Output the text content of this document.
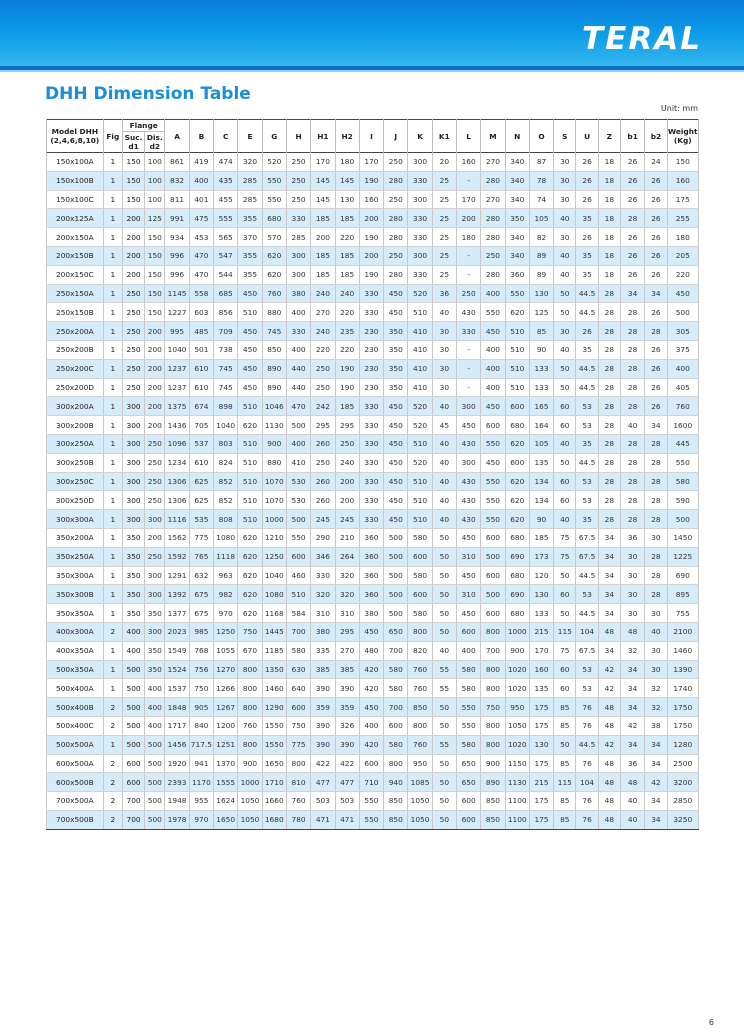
TERAL
DHH Dimension Table
Unit: mm
Model DHH
(2,4,6,8,10)	Fig	Flange		A	B	C	E	G	H	H1	H2	I	J	K	K1	L	M	N	O	S	U	Z	b1	b2	Weight (Kg)
		Suc. d1	Dis. d2																						
150x100A	1	150	100	861	419	474	320	520	250	170	180	170	250	300	20	160	270	340	87	30	26	18	26	24	150
150x100B	1	150	100	832	400	435	285	550	250	145	145	190	280	330	25	-	280	340	78	30	26	18	26	26	160
150x100C	1	150	100	811	401	455	285	550	250	145	130	160	250	300	25	170	270	340	74	30	26	18	26	26	175
200x125A	1	200	125	991	475	555	355	680	330	185	185	200	280	330	25	200	280	350	105	40	35	18	28	26	255
200x150A	1	200	150	934	453	565	370	570	285	200	220	190	280	330	25	180	280	340	82	30	26	18	26	26	180
200x150B	1	200	150	996	470	547	355	620	300	185	185	200	250	300	25	-	250	340	89	40	35	18	26	26	205
200x150C	1	200	150	996	470	544	355	620	300	185	185	190	280	330	25	-	280	360	89	40	35	18	26	26	220
250x150A	1	250	150	1145	558	685	450	760	380	240	240	330	450	520	36	250	400	550	130	50	44.5	28	34	34	450
250x150B	1	250	150	1227	603	856	510	880	400	270	220	330	450	510	40	430	550	620	125	50	44.5	28	28	26	500
250x200A	1	250	200	995	485	709	450	745	330	240	235	230	350	410	30	330	450	510	85	30	26	28	28	28	305
250x200B	1	250	200	1040	501	738	450	850	400	220	220	230	350	410	30	-	400	510	90	40	35	28	28	26	375
250x200C	1	250	200	1237	610	745	450	890	440	250	190	230	350	410	30	-	400	510	133	50	44.5	28	28	26	400
250x200D	1	250	200	1237	610	745	450	890	440	250	190	230	350	410	30	-	400	510	133	50	44.5	28	28	26	405
300x200A	1	300	200	1375	674	898	510	1046	470	242	185	330	450	520	40	300	450	600	165	60	53	28	28	26	760
300x200B	1	300	200	1436	705	1040	620	1130	500	295	295	330	450	520	45	450	600	680	164	60	53	28	40	34	1600
300x250A	1	300	250	1096	537	803	510	900	400	260	250	330	450	510	40	430	550	620	105	40	35	28	28	28	445
300x250B	1	300	250	1234	610	824	510	880	410	250	240	330	450	520	40	300	450	600	135	50	44.5	28	28	28	550
300x250C	1	300	250	1306	625	852	510	1070	530	260	200	330	450	510	40	430	550	620	134	60	53	28	28	28	580
300x250D	1	300	250	1306	625	852	510	1070	530	260	200	330	450	510	40	430	550	620	134	60	53	28	28	28	590
300x300A	1	300	300	1116	535	808	510	1000	500	245	245	330	450	510	40	430	550	620	90	40	35	28	28	28	500
350x200A	1	350	200	1562	775	1080	620	1210	550	290	210	360	500	580	50	450	600	680	185	75	67.5	34	36	30	1450
350x250A	1	350	250	1592	765	1118	620	1250	600	346	264	360	500	600	50	310	500	690	173	75	67.5	34	30	28	1225
350x300A	1	350	300	1291	632	963	620	1040	460	330	320	360	500	580	50	450	600	680	120	50	44.5	34	30	28	690
350x300B	1	350	300	1392	675	982	620	1080	510	320	320	360	500	600	50	310	500	690	130	60	53	34	30	28	895
350x350A	1	350	350	1377	675	970	620	1168	584	310	310	380	500	580	50	450	600	680	133	50	44.5	34	30	30	755
400x300A	2	400	300	2023	985	1250	750	1445	700	380	295	450	650	800	50	600	800	1000	215	115	104	48	48	40	2100
400x350A	1	400	350	1549	768	1055	670	1185	580	335	270	480	700	820	40	400	700	900	170	75	67.5	34	32	30	1460
500x350A	1	500	350	1524	756	1270	800	1350	630	385	385	420	580	760	55	580	800	1020	160	60	53	42	34	30	1390
500x400A	1	500	400	1537	750	1266	800	1460	640	390	390	420	580	760	55	580	800	1020	135	60	53	42	34	32	1740
500x400B	2	500	400	1848	905	1267	800	1290	600	359	359	450	700	850	50	550	750	950	175	85	76	48	34	32	1750
500x400C	2	500	400	1717	840	1200	760	1550	750	390	326	400	600	800	50	550	800	1050	175	85	76	48	42	38	1750
500x500A	1	500	500	1456	717.5	1251	800	1550	775	390	390	420	580	760	55	580	800	1020	130	50	44.5	42	34	34	1280
600x500A	2	600	500	1920	941	1370	900	1650	800	422	422	600	800	950	50	650	900	1150	175	85	76	48	36	34	2500
600x500B	2	600	500	2393	1170	1555	1000	1710	810	477	477	710	940	1085	50	650	890	1130	215	115	104	48	48	42	3200
700x500A	2	700	500	1948	955	1624	1050	1660	760	503	503	550	850	1050	50	600	850	1100	175	85	76	48	40	34	2850
700x500B	2	700	500	1978	970	1650	1050	1680	780	471	471	550	850	1050	50	600	850	1100	175	85	76	48	40	34	3250
6
